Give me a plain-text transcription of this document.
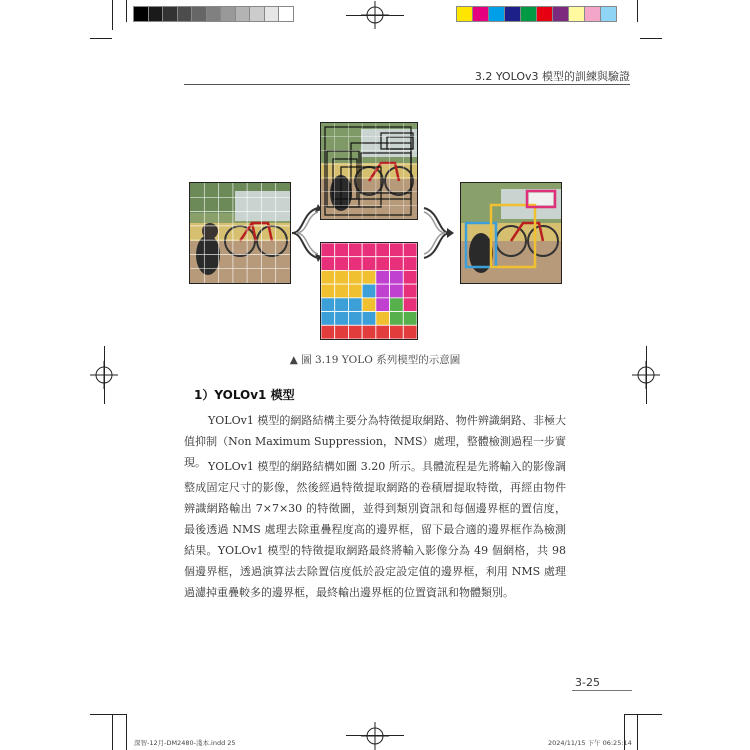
3.2 YOLOv3 模型的訓練與驗證
▲ 圖 3.19 YOLO 系列模型的示意圖
1）YOLOv1 模型

YOLOv1 模型的網路結構主要分為特徵提取網路、物件辨識網路、非極大值抑制（Non Maximum Suppression，NMS）處理，整體檢測過程一步實現。 YOLOv1 模型的網路結構如圖 3.20 所示。具體流程是先將輸入的影像調整成固定尺寸的影像，然後經過特徵提取網路的卷積層提取特徵，再經由物件辨識網路輸出 7×7×30 的特徵圖，並得到類別資訊和每個邊界框的置信度，最後透過 NMS 處理去除重疊程度高的邊界框，留下最合適的邊界框作為檢測結果。YOLOv1 模型的特徵提取網路最終將輸入影像分為 49 個網格，共 98 個邊界框，透過演算法去除置信度低於設定設定值的邊界框，利用 NMS 處理過濾掉重疊較多的邊界框，最終輸出邊界框的位置資訊和物體類別。

3-25
深智-12月-DM2480-淺本.indd 25	2024/11/15 下午 06:25:14
